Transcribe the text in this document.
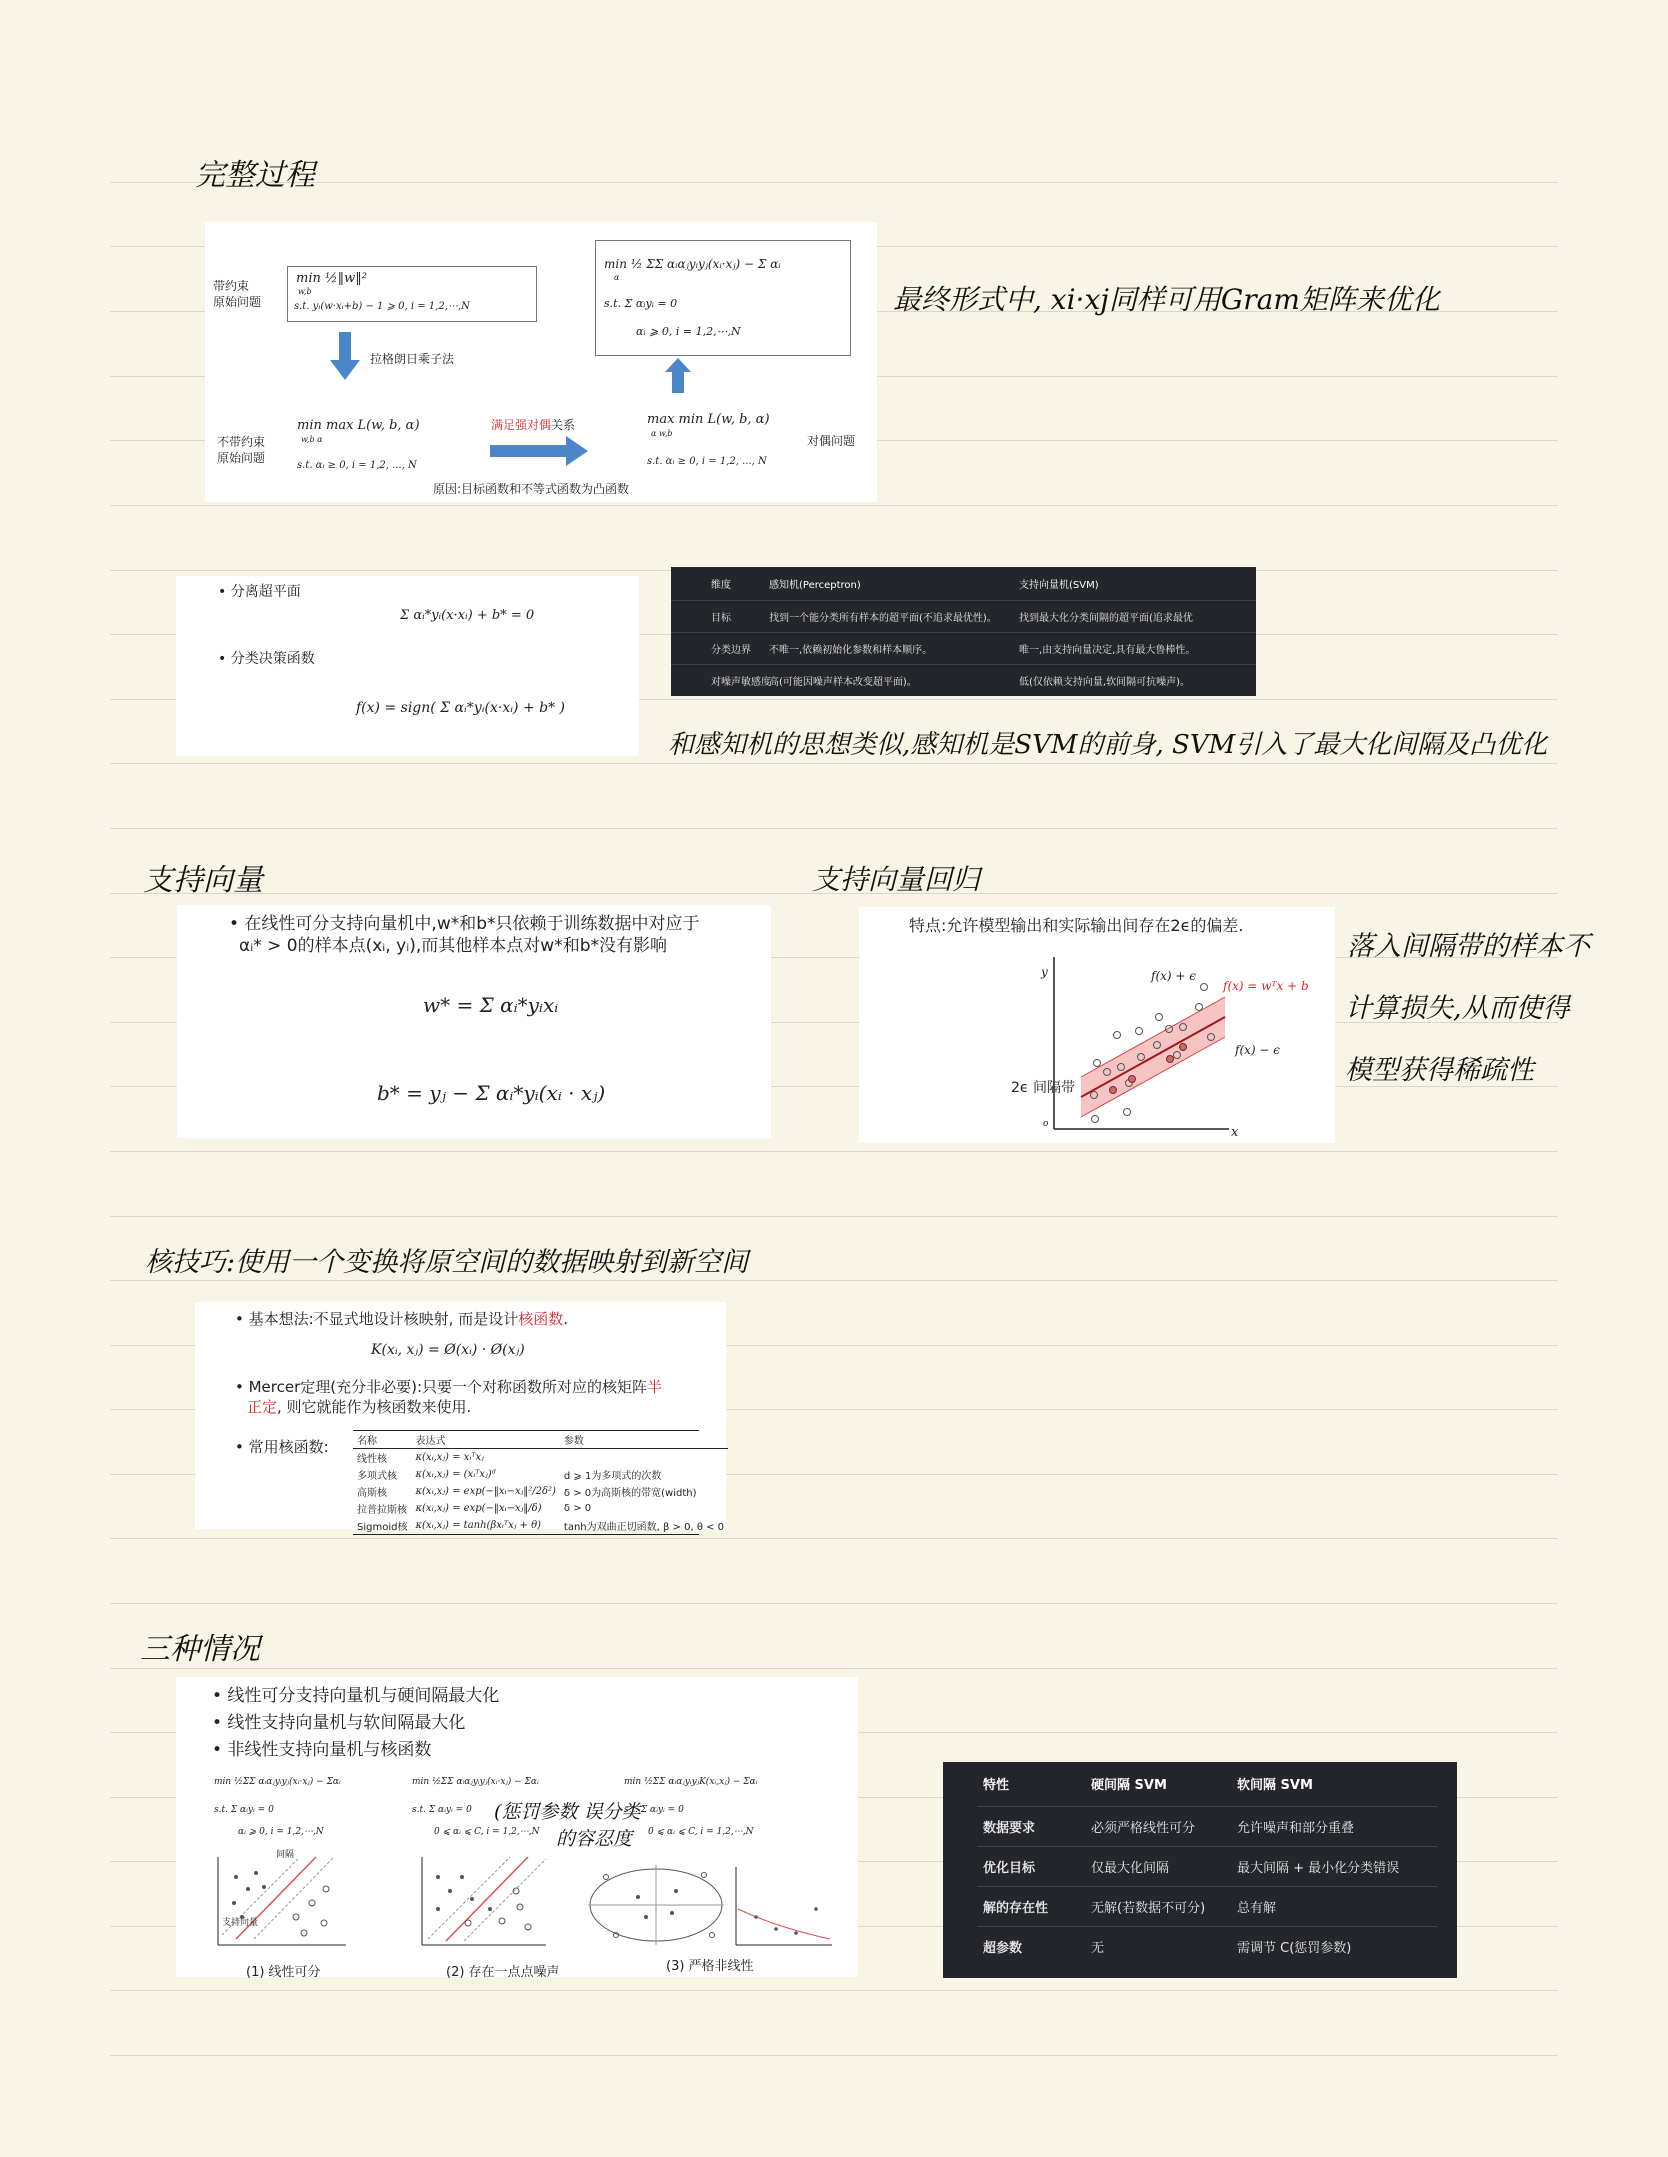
完整过程
带约束
原始问题
min ½‖w‖²
w,b
s.t. yᵢ(w·xᵢ+b) − 1 ⩾ 0, i = 1,2,⋯,N
拉格朗日乘子法
不带约束
原始问题
min max L(w, b, α)
w,b α
s.t. αᵢ ≥ 0, i = 1,2, ..., N
满足强对偶关系	max min L(w, b, α)
α w,b
s.t. αᵢ ≥ 0, i = 1,2, ..., N
对偶问题
min ½ ΣΣ αᵢαⱼyᵢyⱼ(xᵢ·xⱼ) − Σ αᵢ
α
s.t. Σ αᵢyᵢ = 0
αᵢ ⩾ 0, i = 1,2,⋯,N
原因:目标函数和不等式函数为凸函数
最终形式中, xi·xj同样可用Gram矩阵来优化
• 分离超平面
Σ αᵢ*yᵢ(x·xᵢ) + b* = 0
• 分类决策函数
f(x) = sign( Σ αᵢ*yᵢ(x·xᵢ) + b* )
维度	感知机(Perceptron)	支持向量机(SVM)
目标	找到一个能分类所有样本的超平面(不追求最优性)。	找到最大化分类间隔的超平面(追求最优
分类边界	不唯一,依赖初始化参数和样本顺序。	唯一,由支持向量决定,具有最大鲁棒性。
对噪声敏感度	高(可能因噪声样本改变超平面)。	低(仅依赖支持向量,软间隔可抗噪声)。
和感知机的思想类似,感知机是SVM的前身, SVM引入了最大化间隔及凸优化
支持向量	支持向量回归
• 在线性可分支持向量机中,w*和b*只依赖于训练数据中对应于
αᵢ* > 0的样本点(xᵢ, yᵢ),而其他样本点对w*和b*没有影响
w* = Σ αᵢ*yᵢxᵢ
b* = yⱼ − Σ αᵢ*yᵢ(xᵢ · xⱼ)
特点:允许模型输出和实际输出间存在2ϵ的偏差.
f(x) + ϵ
f(x) = wᵀx + b
f(x) − ϵ
2ϵ 间隔带
y
x
o
落入间隔带的样本不
计算损失,从而使得
模型获得稀疏性
核技巧:使用一个变换将原空间的数据映射到新空间
• 基本想法:不显式地设计核映射, 而是设计核函数.
K(xᵢ, xⱼ) = Ø(xᵢ) · Ø(xⱼ)
• Mercer定理(充分非必要):只要一个对称函数所对应的核矩阵半
正定, 则它就能作为核函数来使用.
• 常用核函数:	名称	表达式	参数
线性核	κ(xᵢ,xⱼ) = xᵢᵀxⱼ	
多项式核	κ(xᵢ,xⱼ) = (xᵢᵀxⱼ)ᵈ	d ⩾ 1为多项式的次数
高斯核	κ(xᵢ,xⱼ) = exp(−‖xᵢ−xⱼ‖²/2δ²)	δ > 0为高斯核的带宽(width)
拉普拉斯核	κ(xᵢ,xⱼ) = exp(−‖xᵢ−xⱼ‖/δ)	δ > 0
Sigmoid核	κ(xᵢ,xⱼ) = tanh(βxᵢᵀxⱼ + θ)	tanh为双曲正切函数, β > 0, θ < 0
三种情况
• 线性可分支持向量机与硬间隔最大化
• 线性支持向量机与软间隔最大化
• 非线性支持向量机与核函数
min ½ΣΣ αᵢαⱼyᵢyⱼ(xᵢ·xⱼ) − Σαᵢ
s.t. Σ αᵢyᵢ = 0
αᵢ ⩾ 0, i = 1,2,⋯,N
min ½ΣΣ αᵢαⱼyᵢyⱼ(xᵢ·xⱼ) − Σαᵢ
s.t. Σ αᵢyᵢ = 0
0 ⩽ αᵢ ⩽ C, i = 1,2,⋯,N
min ½ΣΣ αᵢαⱼyᵢyⱼK(xᵢ,xⱼ) − Σαᵢ
s.t. Σ αᵢyᵢ = 0
0 ⩽ αᵢ ⩽ C, i = 1,2,⋯,N
间隔
支持向量
(1) 线性可分	(2) 存在一点点噪声	(3) 严格非线性
(惩罚参数 误分类
的容忍度
特性	硬间隔 SVM	软间隔 SVM
数据要求	必须严格线性可分	允许噪声和部分重叠
优化目标	仅最大化间隔	最大间隔 + 最小化分类错误
解的存在性	无解(若数据不可分)	总有解
超参数	无	需调节 C(惩罚参数)
